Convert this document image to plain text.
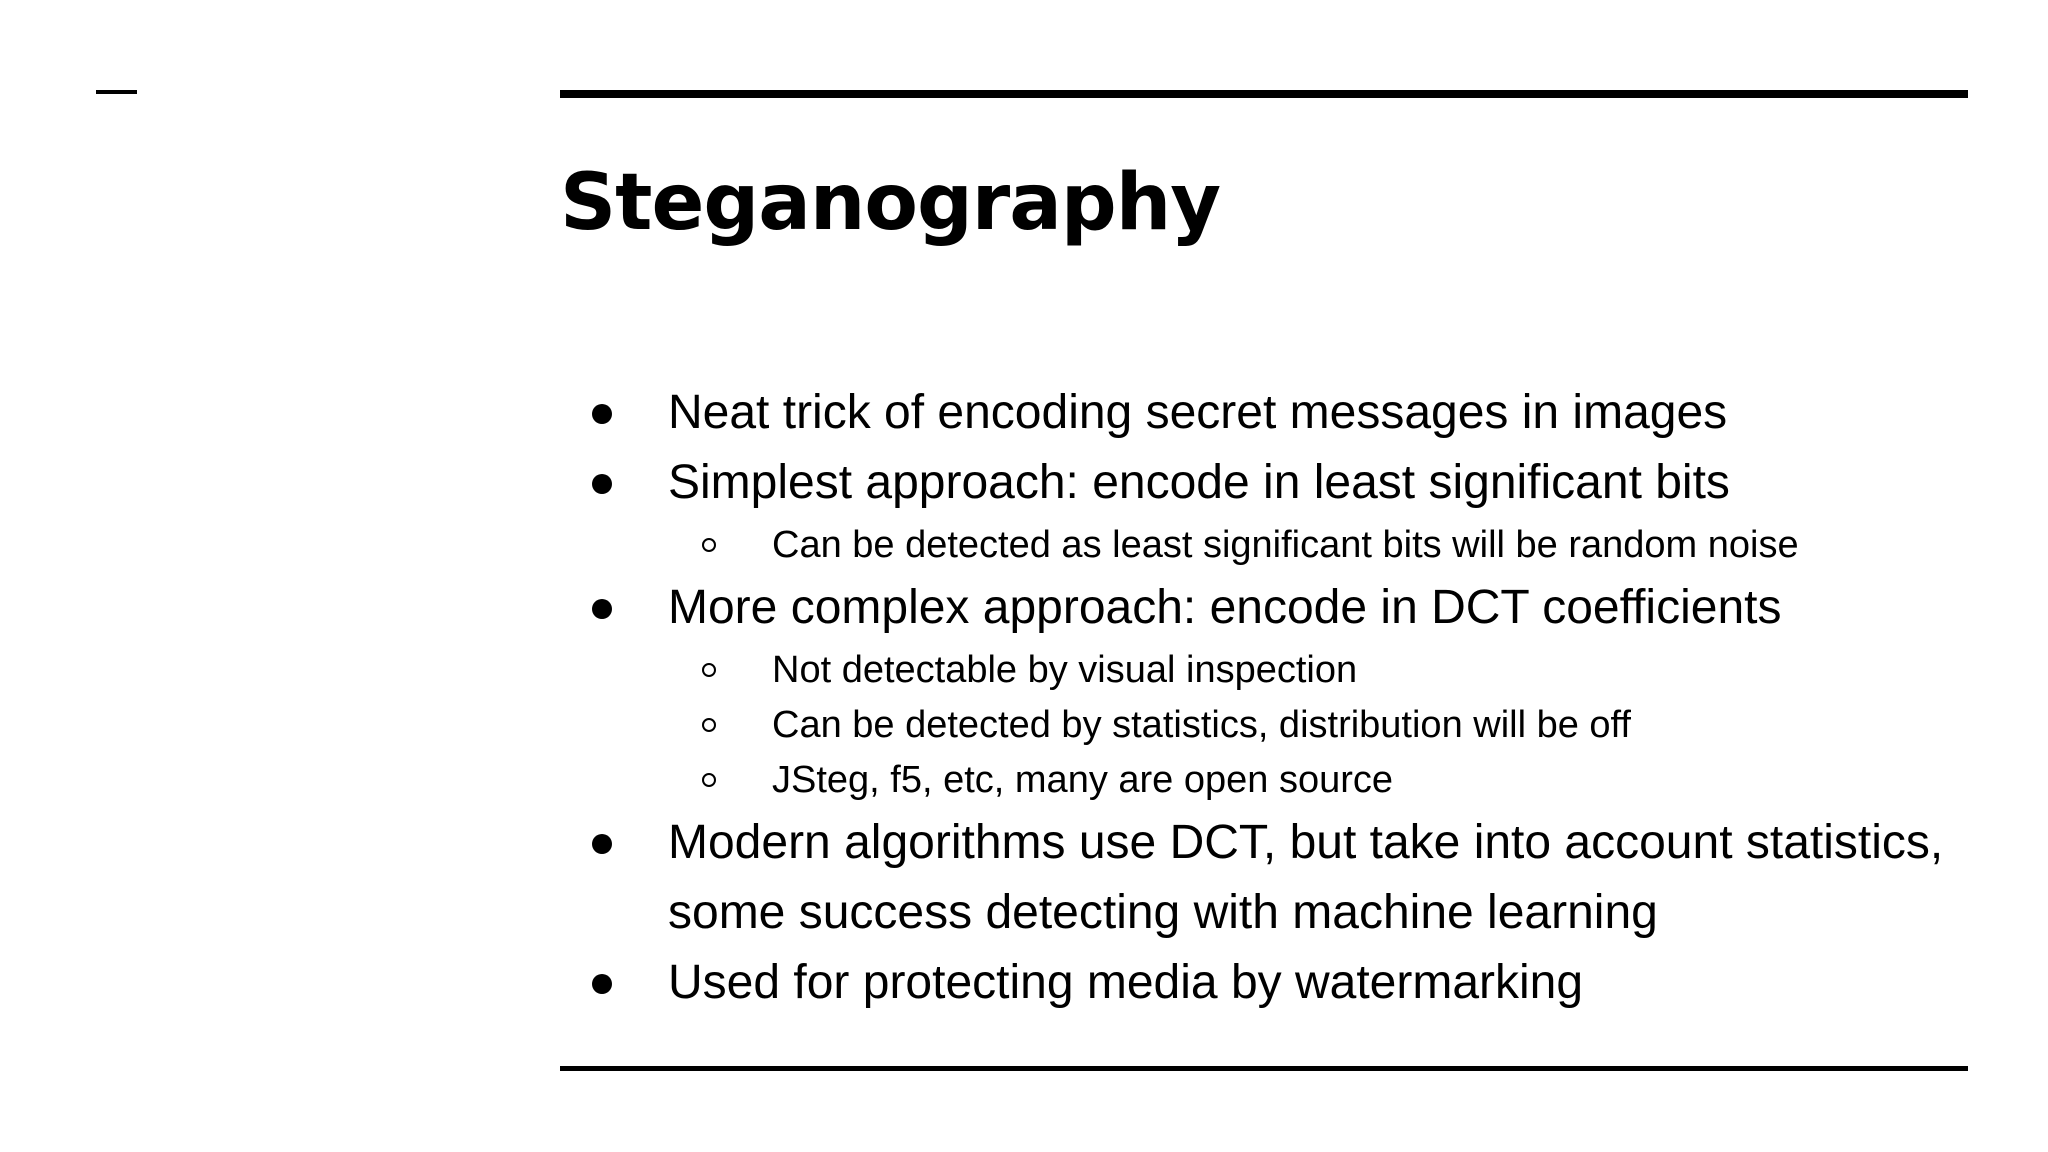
Steganography
Neat trick of encoding secret messages in images
Simplest approach: encode in least significant bits
Can be detected as least significant bits will be random noise
More complex approach: encode in DCT coefficients
Not detectable by visual inspection
Can be detected by statistics, distribution will be off
JSteg, f5, etc, many are open source
Modern algorithms use DCT, but take into account statistics, some success detecting with machine learning
Used for protecting media by watermarking
